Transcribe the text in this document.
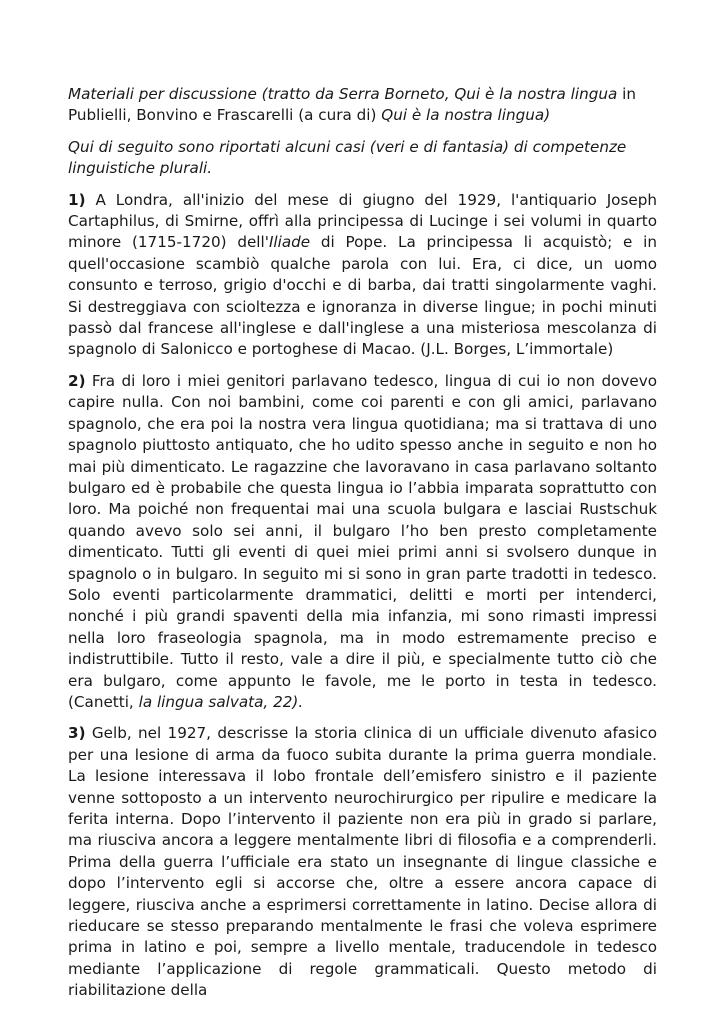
Materiali per discussione (tratto da Serra Borneto, Qui è la nostra lingua in Publielli, Bonvino e Frascarelli (a cura di) Qui è la nostra lingua)

Qui di seguito sono riportati alcuni casi (veri e di fantasia) di competenze linguistiche plurali.

1) A Londra, all'inizio del mese di giugno del 1929, l'antiquario Joseph Cartaphilus, di Smirne, offrì alla principessa di Lucinge i sei volumi in quarto minore (1715-1720) dell'Iliade di Pope. La principessa li acquistò; e in quell'occasione scambiò qualche parola con lui. Era, ci dice, un uomo consunto e terroso, grigio d'occhi e di barba, dai tratti singolarmente vaghi. Si destreggiava con scioltezza e ignoranza in diverse lingue; in pochi minuti passò dal francese all'inglese e dall'inglese a una misteriosa mescolanza di spagnolo di Salonicco e portoghese di Macao. (J.L. Borges, L’immortale)

2) Fra di loro i miei genitori parlavano tedesco, lingua di cui io non dovevo capire nulla. Con noi bambini, come coi parenti e con gli amici, parlavano spagnolo, che era poi la nostra vera lingua quotidiana; ma si trattava di uno spagnolo piuttosto antiquato, che ho udito spesso anche in seguito e non ho mai più dimenticato. Le ragazzine che lavoravano in casa parlavano soltanto bulgaro ed è probabile che questa lingua io l’abbia imparata soprattutto con loro. Ma poiché non frequentai mai una scuola bulgara e lasciai Rustschuk quando avevo solo sei anni, il bulgaro l’ho ben presto completamente dimenticato. Tutti gli eventi di quei miei primi anni si svolsero dunque in spagnolo o in bulgaro. In seguito mi si sono in gran parte tradotti in tedesco. Solo eventi particolarmente drammatici, delitti e morti per intenderci, nonché i più grandi spaventi della mia infanzia, mi sono rimasti impressi nella loro fraseologia spagnola, ma in modo estremamente preciso e indistruttibile. Tutto il resto, vale a dire il più, e specialmente tutto ciò che era bulgaro, come appunto le favole, me le porto in testa in tedesco. (Canetti, la lingua salvata, 22).

3) Gelb, nel 1927, descrisse la storia clinica di un ufficiale divenuto afasico per una lesione di arma da fuoco subita durante la prima guerra mondiale. La lesione interessava il lobo frontale dell’emisfero sinistro e il paziente venne sottoposto a un intervento neurochirurgico per ripulire e medicare la ferita interna. Dopo l’intervento il paziente non era più in grado si parlare, ma riusciva ancora a leggere mentalmente libri di filosofia e a comprenderli. Prima della guerra l’ufficiale era stato un insegnante di lingue classiche e dopo l’intervento egli si accorse che, oltre a essere ancora capace di leggere, riusciva anche a esprimersi correttamente in latino. Decise allora di rieducare se stesso preparando mentalmente le frasi che voleva esprimere prima in latino e poi, sempre a livello mentale, traducendole in tedesco mediante l’applicazione di regole grammaticali. Questo metodo di riabilitazione della
